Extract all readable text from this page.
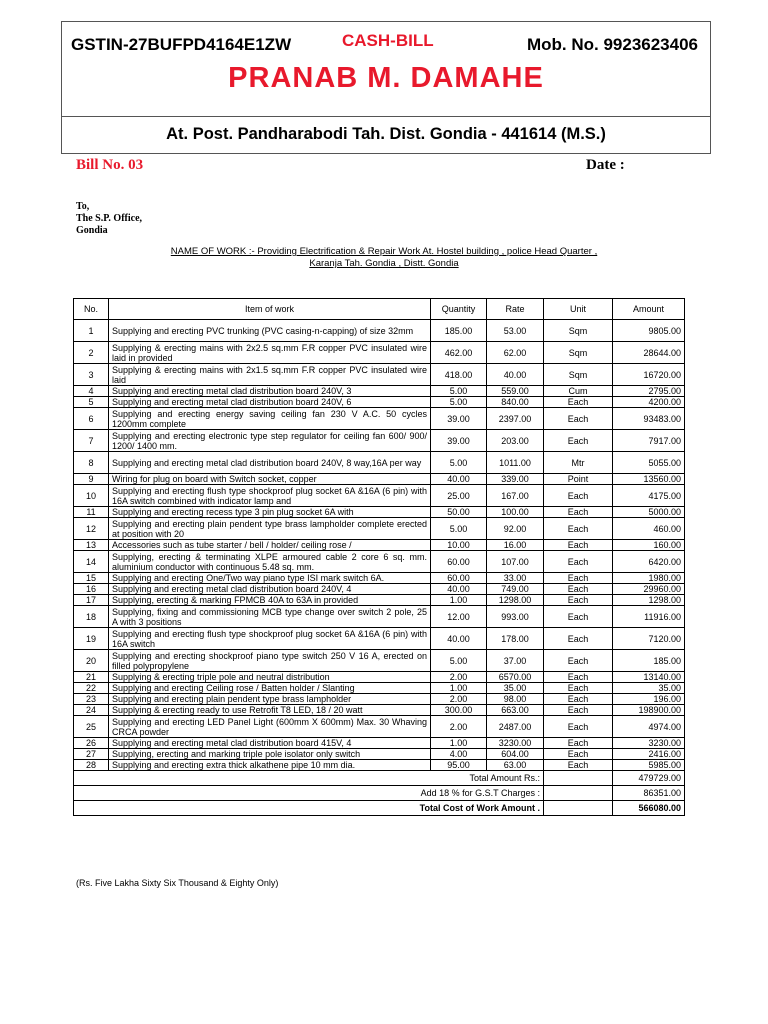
GSTIN-27BUFPD4164E1ZW	CASH-BILL	Mob. No. 9923623406
PRANAB M. DAMAHE
At. Post. Pandharabodi Tah. Dist. Gondia - 441614 (M.S.)
Bill No. 03	Date :
To,
The S.P. Office,
Gondia
NAME OF WORK :- Providing Electrification & Repair Work At. Hostel building , police Head Quarter ,
Karanja Tah. Gondia , Distt. Gondia
No.	Item of work	Quantity	Rate	Unit	Amount
1	Supplying and erecting PVC trunking (PVC casing-n-capping) of size 32mm	185.00	53.00	Sqm	9805.00
2	Supplying & erecting mains with 2x2.5 sq.mm F.R copper PVC insulated wire laid in provided	462.00	62.00	Sqm	28644.00
3	Supplying & erecting mains with 2x1.5 sq.mm F.R copper PVC insulated wire laid	418.00	40.00	Sqm	16720.00
4	Supplying and erecting metal clad distribution board 240V, 3	5.00	559.00	Cum	2795.00
5	Supplying and erecting metal clad distribution board 240V, 6	5.00	840.00	Each	4200.00
6	Supplying and erecting energy saving ceiling fan 230 V A.C. 50 cycles 1200mm complete	39.00	2397.00	Each	93483.00
7	Supplying and erecting electronic type step regulator for ceiling fan 600/ 900/ 1200/ 1400 mm.	39.00	203.00	Each	7917.00
8	Supplying and erecting metal clad distribution board 240V, 8 way,16A per way	5.00	1011.00	Mtr	5055.00
9	Wiring for plug on board with Switch socket, copper	40.00	339.00	Point	13560.00
10	Supplying and erecting flush type shockproof plug socket 6A &16A (6 pin) with 16A switch combined with indicator lamp and	25.00	167.00	Each	4175.00
11	Supplying and erecting recess type 3 pin plug socket 6A with	50.00	100.00	Each	5000.00
12	Supplying and erecting plain pendent type brass lampholder complete erected at position with 20	5.00	92.00	Each	460.00
13	Accessories such as tube starter / bell / holder/ ceiling rose /	10.00	16.00	Each	160.00
14	Supplying, erecting & terminating XLPE armoured cable 2 core 6 sq. mm. aluminium conductor with continuous 5.48 sq. mm.	60.00	107.00	Each	6420.00
15	Supplying and erecting One/Two way piano type ISI mark switch 6A.	60.00	33.00	Each	1980.00
16	Supplying and erecting metal clad distribution board 240V, 4	40.00	749.00	Each	29960.00
17	Supplying, erecting & marking FPMCB 40A to 63A in provided	1.00	1298.00	Each	1298.00
18	Supplying, fixing and commissioning MCB type change over switch 2 pole, 25 A with 3 positions	12.00	993.00	Each	11916.00
19	Supplying and erecting flush type shockproof plug socket 6A &16A (6 pin) with 16A switch	40.00	178.00	Each	7120.00
20	Supplying and erecting shockproof piano type switch 250 V 16 A, erected on filled polypropylene	5.00	37.00	Each	185.00
21	Supplying & erecting triple pole and neutral distribution	2.00	6570.00	Each	13140.00
22	Supplying and erecting Ceiling rose / Batten holder / Slanting	1.00	35.00	Each	35.00
23	Supplying and erecting plain pendent type brass lampholder	2.00	98.00	Each	196.00
24	Supplying & erecting ready to use Retrofit T8 LED, 18 / 20 watt	300.00	663.00	Each	198900.00
25	Supplying and erecting LED Panel Light (600mm X 600mm) Max. 30 Whaving CRCA powder	2.00	2487.00	Each	4974.00
26	Supplying and erecting metal clad distribution board 415V, 4	1.00	3230.00	Each	3230.00
27	Supplying, erecting and marking triple pole isolator only switch	4.00	604.00	Each	2416.00
28	Supplying and erecting extra thick alkathene pipe 10 mm dia.	95.00	63.00	Each	5985.00
Total Amount Rs.:					479729.00
Add 18 % for G.S.T Charges :					86351.00
Total Cost of Work Amount .					566080.00
(Rs. Five Lakha Sixty Six Thousand & Eighty Only)
